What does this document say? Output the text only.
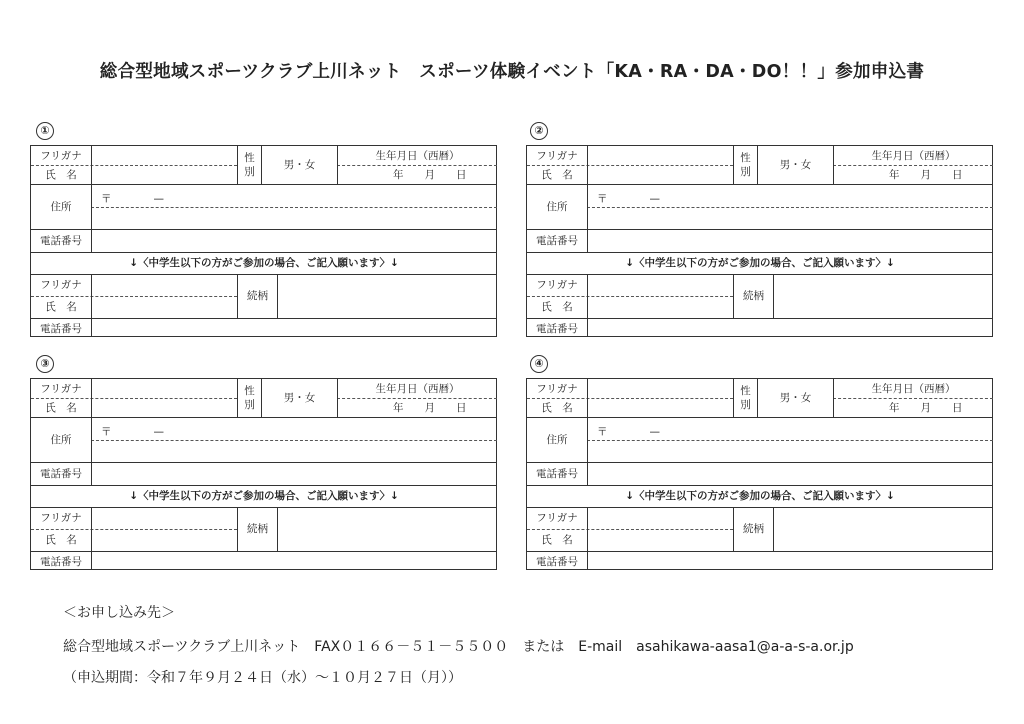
総合型地域スポーツクラブ上川ネット　スポーツ体験イベント「KA・RA・DA・DO！！」参加申込書
①
フリガナ
氏　名
性
別
男・女
生年月日（西暦）
年　　月　　日
住所
〒　　　　—
電話番号
↓〈中学生以下の方がご参加の場合、ご記入願います〉↓
フリガナ
氏　名
続柄
電話番号
②
フリガナ
氏　名
性
別
男・女
生年月日（西暦）
年　　月　　日
住所
〒　　　　—
電話番号
↓〈中学生以下の方がご参加の場合、ご記入願います〉↓
フリガナ
氏　名
続柄
電話番号
③
フリガナ
氏　名
性
別
男・女
生年月日（西暦）
年　　月　　日
住所
〒　　　　—
電話番号
↓〈中学生以下の方がご参加の場合、ご記入願います〉↓
フリガナ
氏　名
続柄
電話番号
④
フリガナ
氏　名
性
別
男・女
生年月日（西暦）
年　　月　　日
住所
〒　　　　—
電話番号
↓〈中学生以下の方がご参加の場合、ご記入願います〉↓
フリガナ
氏　名
続柄
電話番号
＜お申し込み先＞
総合型地域スポーツクラブ上川ネット　FAX０１６６－５１－５５００　または　E-mail　asahikawa-aasa1@a-a-s-a.or.jp
（申込期間：令和７年９月２４日（水）～１０月２７日（月））
